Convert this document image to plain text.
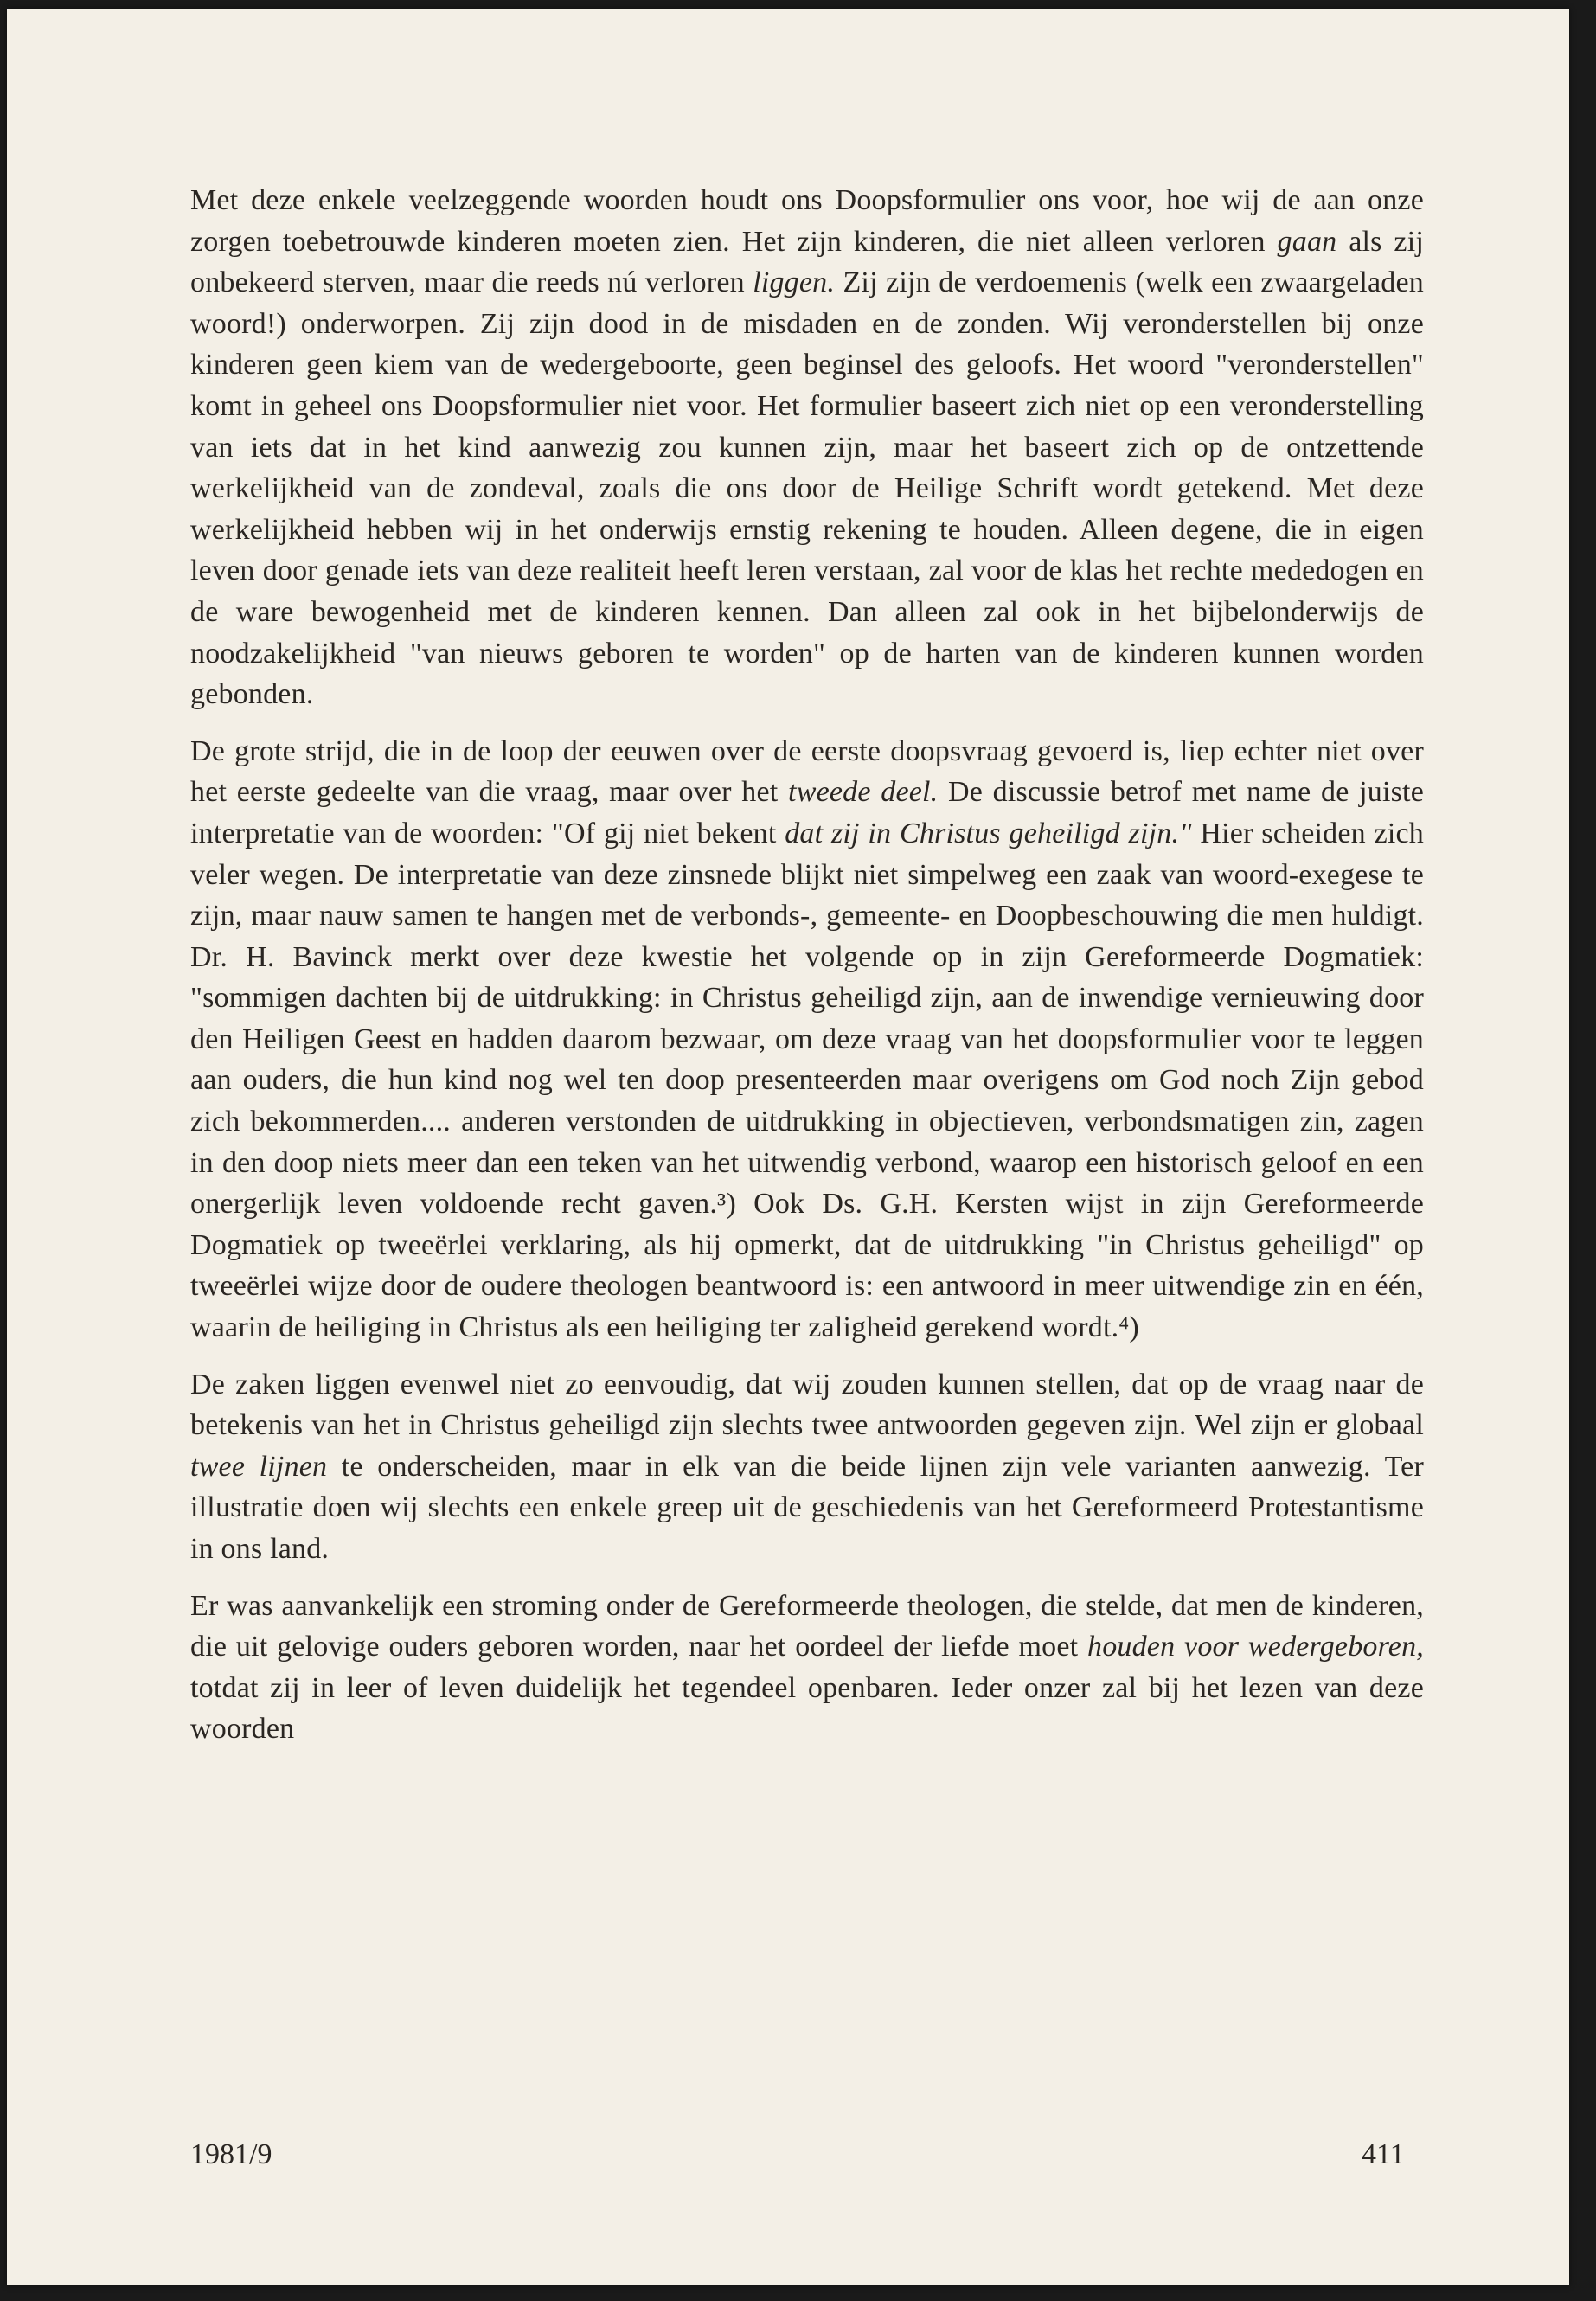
Met deze enkele veelzeggende woorden houdt ons Doopsformulier ons voor, hoe wij de aan onze zorgen toebetrouwde kinderen moeten zien. Het zijn kinderen, die niet alleen verloren gaan als zij onbekeerd sterven, maar die reeds nú verloren liggen. Zij zijn de verdoemenis (welk een zwaargeladen woord!) onderworpen. Zij zijn dood in de misdaden en de zonden. Wij veronderstellen bij onze kinderen geen kiem van de wedergeboorte, geen beginsel des geloofs. Het woord "veronderstellen" komt in geheel ons Doopsformulier niet voor. Het formulier baseert zich niet op een veronderstelling van iets dat in het kind aanwezig zou kunnen zijn, maar het baseert zich op de ontzettende werkelijkheid van de zondeval, zoals die ons door de Heilige Schrift wordt getekend. Met deze werkelijkheid hebben wij in het onderwijs ernstig rekening te houden. Alleen degene, die in eigen leven door genade iets van deze realiteit heeft leren verstaan, zal voor de klas het rechte mededogen en de ware bewogenheid met de kinderen kennen. Dan alleen zal ook in het bijbelonderwijs de noodzakelijkheid "van nieuws geboren te worden" op de harten van de kinderen kunnen worden gebonden.

De grote strijd, die in de loop der eeuwen over de eerste doopsvraag gevoerd is, liep echter niet over het eerste gedeelte van die vraag, maar over het tweede deel. De discussie betrof met name de juiste interpretatie van de woorden: "Of gij niet bekent dat zij in Christus geheiligd zijn." Hier scheiden zich veler wegen. De interpretatie van deze zinsnede blijkt niet simpelweg een zaak van woord-exegese te zijn, maar nauw samen te hangen met de verbonds-, gemeente- en Doopbeschouwing die men huldigt. Dr. H. Bavinck merkt over deze kwestie het volgende op in zijn Gereformeerde Dogmatiek: "sommigen dachten bij de uitdrukking: in Christus geheiligd zijn, aan de inwendige vernieuwing door den Heiligen Geest en hadden daarom bezwaar, om deze vraag van het doopsformulier voor te leggen aan ouders, die hun kind nog wel ten doop presenteerden maar overigens om God noch Zijn gebod zich bekommerden.... anderen verstonden de uitdrukking in objectieven, verbondsmatigen zin, zagen in den doop niets meer dan een teken van het uitwendig verbond, waarop een historisch geloof en een onergerlijk leven voldoende recht gaven.³) Ook Ds. G.H. Kersten wijst in zijn Gereformeerde Dogmatiek op tweeërlei verklaring, als hij opmerkt, dat de uitdrukking "in Christus geheiligd" op tweeërlei wijze door de oudere theologen beantwoord is: een antwoord in meer uitwendige zin en één, waarin de heiliging in Christus als een heiliging ter zaligheid gerekend wordt.⁴)

De zaken liggen evenwel niet zo eenvoudig, dat wij zouden kunnen stellen, dat op de vraag naar de betekenis van het in Christus geheiligd zijn slechts twee antwoorden gegeven zijn. Wel zijn er globaal twee lijnen te onderscheiden, maar in elk van die beide lijnen zijn vele varianten aanwezig. Ter illustratie doen wij slechts een enkele greep uit de geschiedenis van het Gereformeerd Protestantisme in ons land.

Er was aanvankelijk een stroming onder de Gereformeerde theologen, die stelde, dat men de kinderen, die uit gelovige ouders geboren worden, naar het oordeel der liefde moet houden voor wedergeboren, totdat zij in leer of leven duidelijk het tegendeel openbaren. Ieder onzer zal bij het lezen van deze woorden

1981/9	411
